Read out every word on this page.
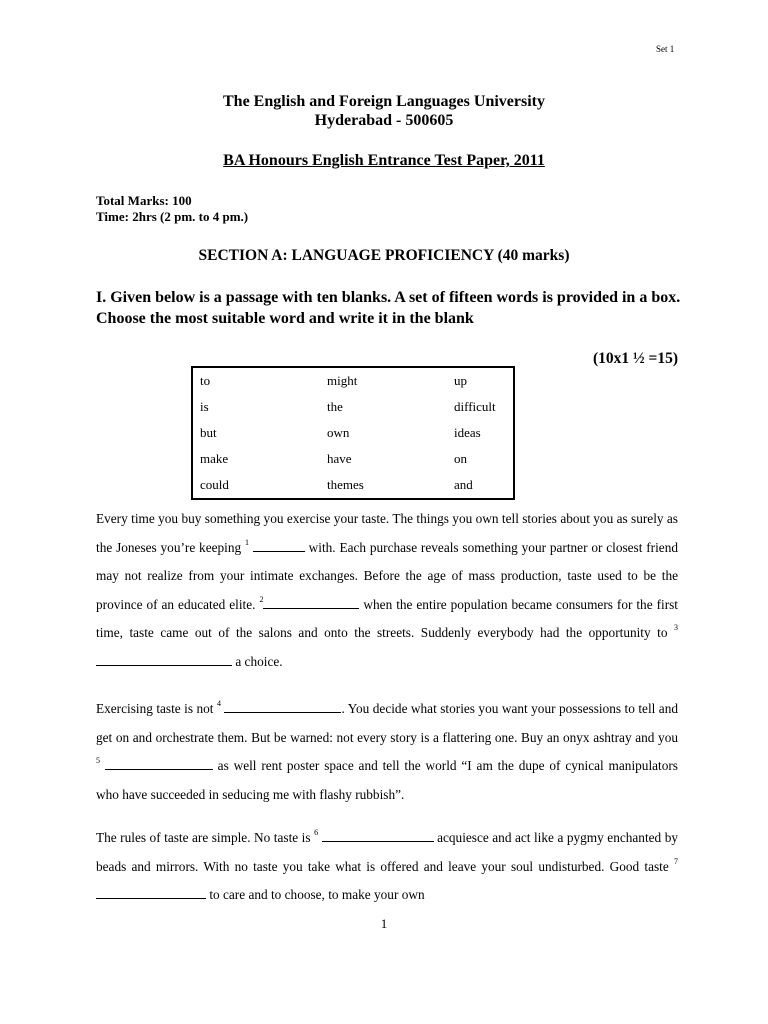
Set 1
The English and Foreign Languages University
Hyderabad - 500605
BA Honours English Entrance Test Paper, 2011
Total Marks: 100
Time: 2hrs (2 pm. to 4 pm.)
SECTION A: LANGUAGE PROFICIENCY (40 marks)
I. Given below is a passage with ten blanks. A set of fifteen words is provided in a box. Choose the most suitable word and write it in the blank
(10x1 ½ =15)
to	might	up
is	the	difficult
but	own	ideas
make	have	on
could	themes	and

Every time you buy something you exercise your taste. The things you own tell stories about you as surely as the Joneses you’re keeping $^1$	with. Each purchase reveals something your partner or closest friend may not realize from your intimate exchanges. Before the age of mass production, taste used to be the province of an educated elite. $^2$	when the entire population became consumers for the first time, taste came out of the salons and onto the streets. Suddenly everybody had the opportunity to $^3$  a choice.

Exercising taste is not $^4$	. You decide what stories you want your possessions to tell and get on and orchestrate them. But be warned: not every story is a flattering one. Buy an onyx ashtray and you $^5$	as well rent poster space and tell the world “I am the dupe of cynical manipulators who have succeeded in seducing me with flashy rubbish”.

The rules of taste are simple. No taste is $^6$	acquiesce and act like a pygmy enchanted by beads and mirrors. With no taste you take what is offered and leave your soul undisturbed. Good taste $^7$  to care and to choose, to make your own

1
